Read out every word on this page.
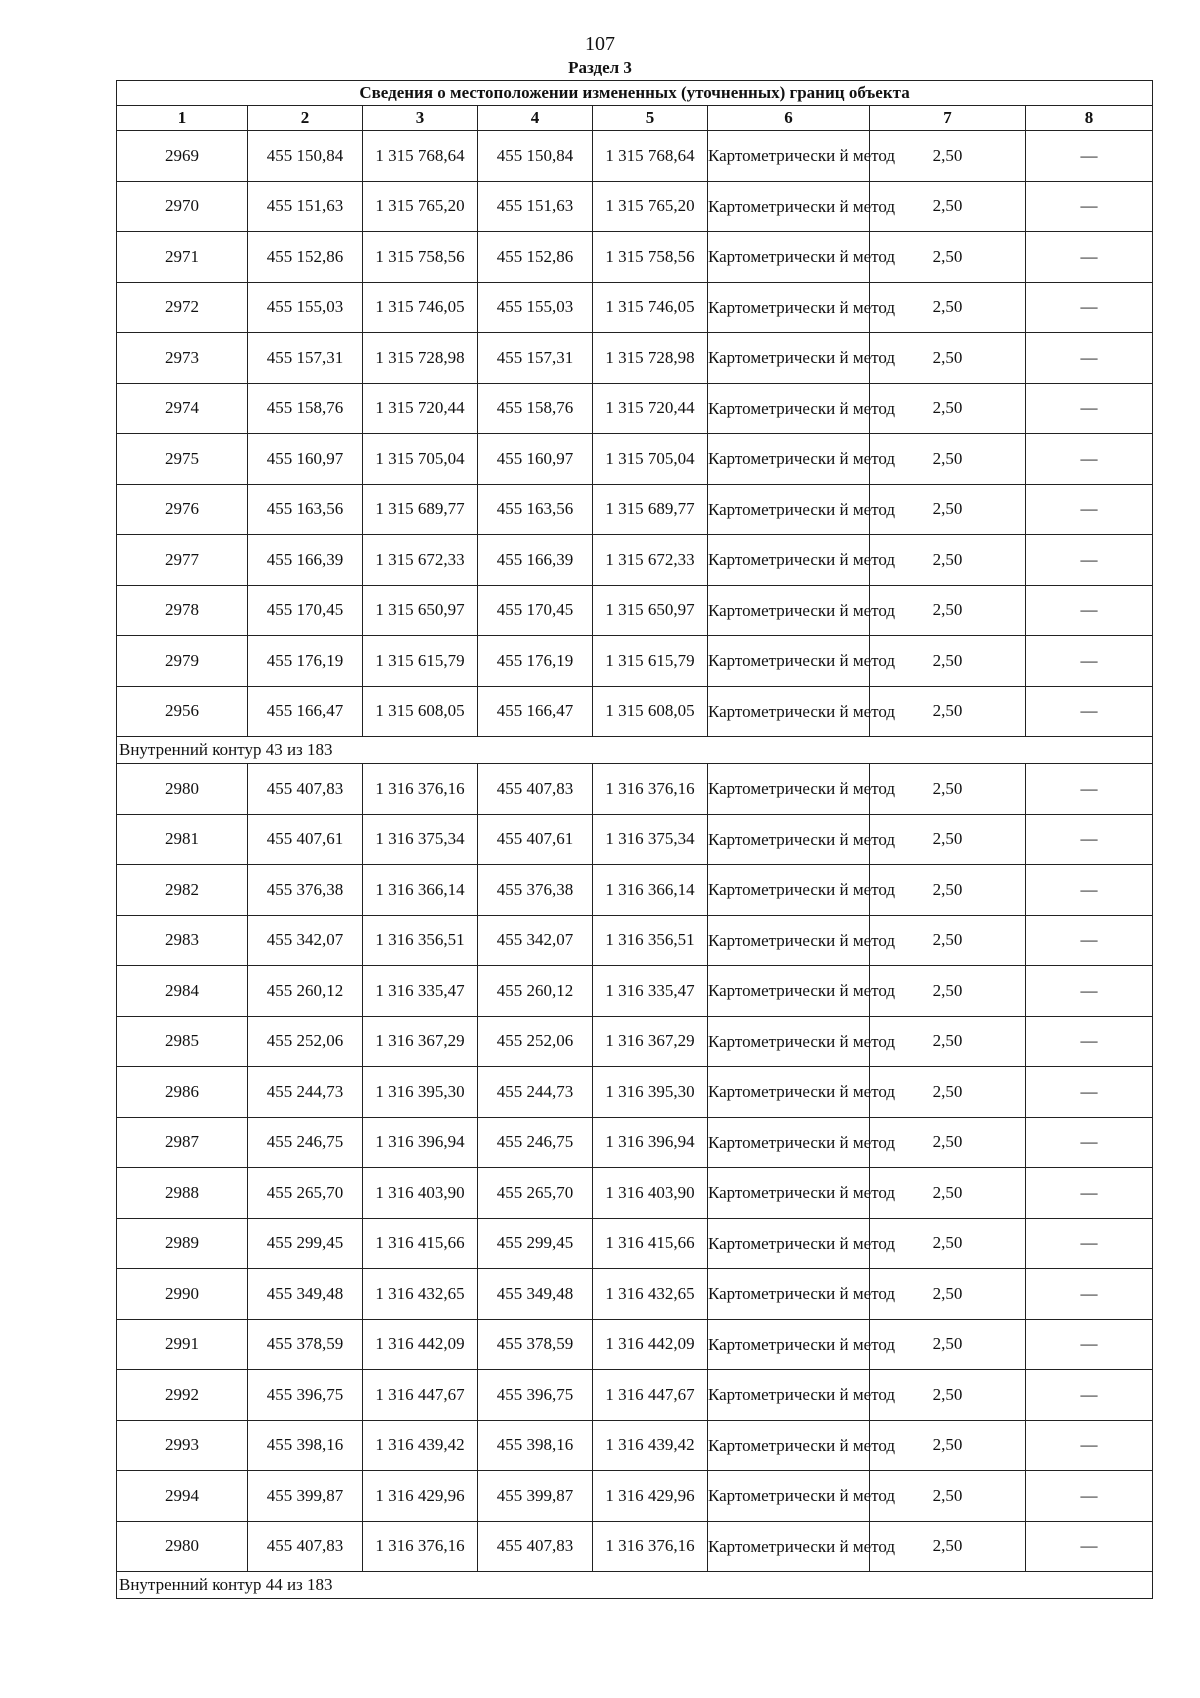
107
Раздел 3
Сведения о местоположении измененных (уточненных) границ объекта							
1	2	3	4	5	6	7	8
2969	455 150,84	1 315 768,64	455 150,84	1 315 768,64	Картометрически й метод	2,50	—
2970	455 151,63	1 315 765,20	455 151,63	1 315 765,20	Картометрически й метод	2,50	—
2971	455 152,86	1 315 758,56	455 152,86	1 315 758,56	Картометрически й метод	2,50	—
2972	455 155,03	1 315 746,05	455 155,03	1 315 746,05	Картометрически й метод	2,50	—
2973	455 157,31	1 315 728,98	455 157,31	1 315 728,98	Картометрически й метод	2,50	—
2974	455 158,76	1 315 720,44	455 158,76	1 315 720,44	Картометрически й метод	2,50	—
2975	455 160,97	1 315 705,04	455 160,97	1 315 705,04	Картометрически й метод	2,50	—
2976	455 163,56	1 315 689,77	455 163,56	1 315 689,77	Картометрически й метод	2,50	—
2977	455 166,39	1 315 672,33	455 166,39	1 315 672,33	Картометрически й метод	2,50	—
2978	455 170,45	1 315 650,97	455 170,45	1 315 650,97	Картометрически й метод	2,50	—
2979	455 176,19	1 315 615,79	455 176,19	1 315 615,79	Картометрически й метод	2,50	—
2956	455 166,47	1 315 608,05	455 166,47	1 315 608,05	Картометрически й метод	2,50	—
Внутренний контур 43 из 183							
2980	455 407,83	1 316 376,16	455 407,83	1 316 376,16	Картометрически й метод	2,50	—
2981	455 407,61	1 316 375,34	455 407,61	1 316 375,34	Картометрически й метод	2,50	—
2982	455 376,38	1 316 366,14	455 376,38	1 316 366,14	Картометрически й метод	2,50	—
2983	455 342,07	1 316 356,51	455 342,07	1 316 356,51	Картометрически й метод	2,50	—
2984	455 260,12	1 316 335,47	455 260,12	1 316 335,47	Картометрически й метод	2,50	—
2985	455 252,06	1 316 367,29	455 252,06	1 316 367,29	Картометрически й метод	2,50	—
2986	455 244,73	1 316 395,30	455 244,73	1 316 395,30	Картометрически й метод	2,50	—
2987	455 246,75	1 316 396,94	455 246,75	1 316 396,94	Картометрически й метод	2,50	—
2988	455 265,70	1 316 403,90	455 265,70	1 316 403,90	Картометрически й метод	2,50	—
2989	455 299,45	1 316 415,66	455 299,45	1 316 415,66	Картометрически й метод	2,50	—
2990	455 349,48	1 316 432,65	455 349,48	1 316 432,65	Картометрически й метод	2,50	—
2991	455 378,59	1 316 442,09	455 378,59	1 316 442,09	Картометрически й метод	2,50	—
2992	455 396,75	1 316 447,67	455 396,75	1 316 447,67	Картометрически й метод	2,50	—
2993	455 398,16	1 316 439,42	455 398,16	1 316 439,42	Картометрически й метод	2,50	—
2994	455 399,87	1 316 429,96	455 399,87	1 316 429,96	Картометрически й метод	2,50	—
2980	455 407,83	1 316 376,16	455 407,83	1 316 376,16	Картометрически й метод	2,50	—
Внутренний контур 44 из 183							
